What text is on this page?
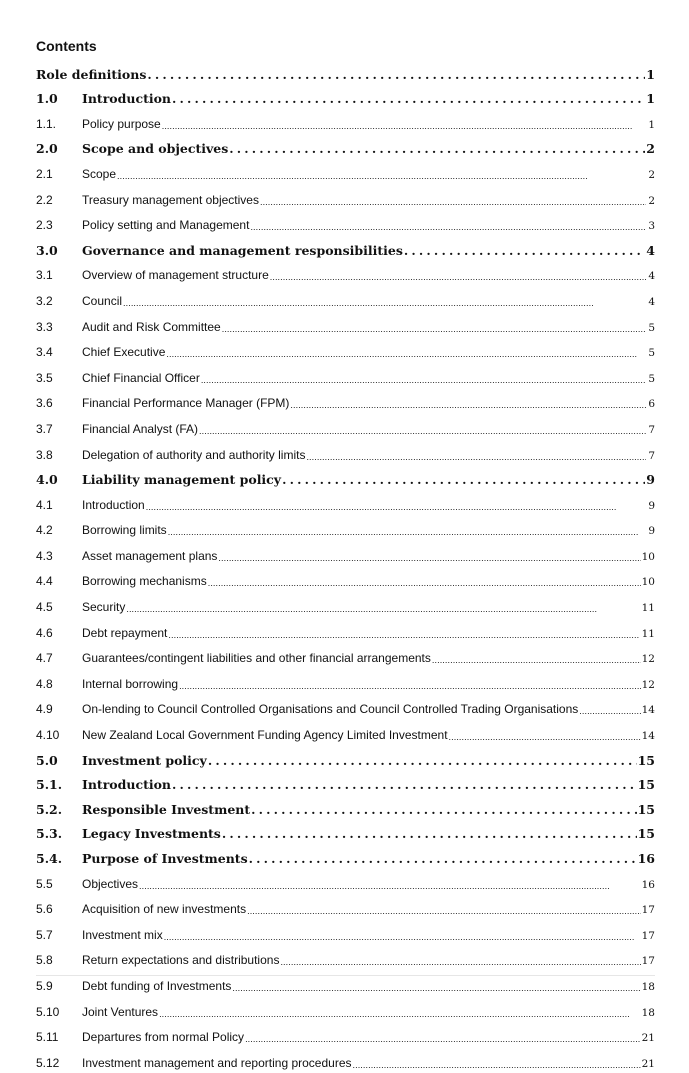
Contents
Role definitions . . .	1
1.0	Introduction . . .	1
1.1.	Policy purpose . . .	1
2.0	Scope and objectives . . .	2
2.1	Scope . . .	2
2.2	Treasury management objectives . . .	2
2.3	Policy setting and Management . . .	3
3.0	Governance and management responsibilities . . .	4
3.1	Overview of management structure . . .	4
3.2	Council . . .	4
3.3	Audit and Risk Committee . . .	5
3.4	Chief Executive . . .	5
3.5	Chief Financial Officer . . .	5
3.6	Financial Performance Manager (FPM) . . .	6
3.7	Financial Analyst (FA) . . .	7
3.8	Delegation of authority and authority limits . . .	7
4.0	Liability management policy . . .	9
4.1	Introduction . . .	9
4.2	Borrowing limits . . .	9
4.3	Asset management plans . . .	10
4.4	Borrowing mechanisms . . .	10
4.5	Security . . .	11
4.6	Debt repayment . . .	11
4.7	Guarantees/contingent liabilities and other financial arrangements . . .	12
4.8	Internal borrowing . . .	12
4.9	On-lending to Council Controlled Organisations and Council Controlled Trading Organisations . . .	14
4.10	New Zealand Local Government Funding Agency Limited Investment . . .	14
5.0	Investment policy . . .	15
5.1.	Introduction . . .	15
5.2.	Responsible Investment . . .	15
5.3.	Legacy Investments . . .	15
5.4.	Purpose of Investments . . .	16
5.5	Objectives . . .	16
5.6	Acquisition of new investments . . .	17
5.7	Investment mix . . .	17
5.8	Return expectations and distributions . . .	17
5.9	Debt funding of Investments . . .	18
5.10	Joint Ventures . . .	18
5.11	Departures from normal Policy . . .	21
5.12	Investment management and reporting procedures . . .	21
